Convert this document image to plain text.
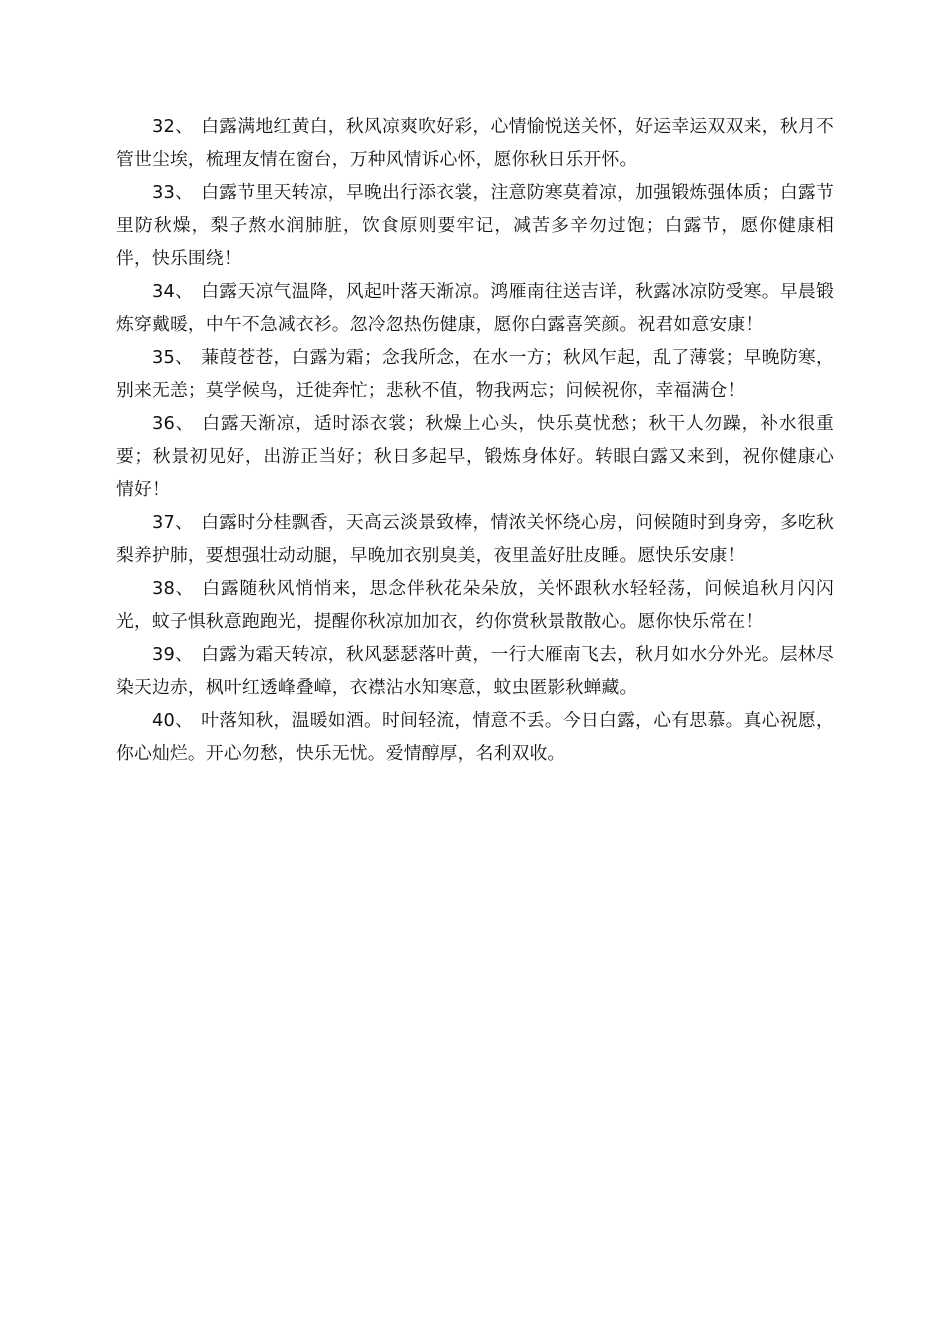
32、 白露满地红黄白，秋风凉爽吹好彩，心情愉悦送关怀，好运幸运双双来，秋月不管世尘埃，梳理友情在窗台，万种风情诉心怀，愿你秋日乐开怀。

33、 白露节里天转凉，早晚出行添衣裳，注意防寒莫着凉，加强锻炼强体质；白露节里防秋燥，梨子熬水润肺脏，饮食原则要牢记，减苦多辛勿过饱；白露节，愿你健康相伴，快乐围绕！

34、 白露天凉气温降，风起叶落天渐凉。鸿雁南往送吉详，秋露冰凉防受寒。早晨锻炼穿戴暖，中午不急减衣衫。忽冷忽热伤健康，愿你白露喜笑颜。祝君如意安康！

35、 蒹葭苍苍，白露为霜；念我所念，在水一方；秋风乍起，乱了薄裳；早晚防寒，别来无恙；莫学候鸟，迁徙奔忙；悲秋不值，物我两忘；问候祝你，幸福满仓！

36、 白露天渐凉，适时添衣裳；秋燥上心头，快乐莫忧愁；秋干人勿躁，补水很重要；秋景初见好，出游正当好；秋日多起早，锻炼身体好。转眼白露又来到，祝你健康心情好！

37、 白露时分桂飘香，天高云淡景致棒，情浓关怀绕心房，问候随时到身旁，多吃秋梨养护肺，要想强壮动动腿，早晚加衣别臭美，夜里盖好肚皮睡。愿快乐安康！

38、 白露随秋风悄悄来，思念伴秋花朵朵放，关怀跟秋水轻轻荡，问候追秋月闪闪光，蚊子惧秋意跑跑光，提醒你秋凉加加衣，约你赏秋景散散心。愿你快乐常在！

39、 白露为霜天转凉，秋风瑟瑟落叶黄，一行大雁南飞去，秋月如水分外光。层林尽染天边赤，枫叶红透峰叠嶂，衣襟沾水知寒意，蚊虫匿影秋蝉藏。

40、 叶落知秋，温暖如酒。时间轻流，情意不丢。今日白露，心有思慕。真心祝愿，你心灿烂。开心勿愁，快乐无忧。爱情醇厚，名利双收。
